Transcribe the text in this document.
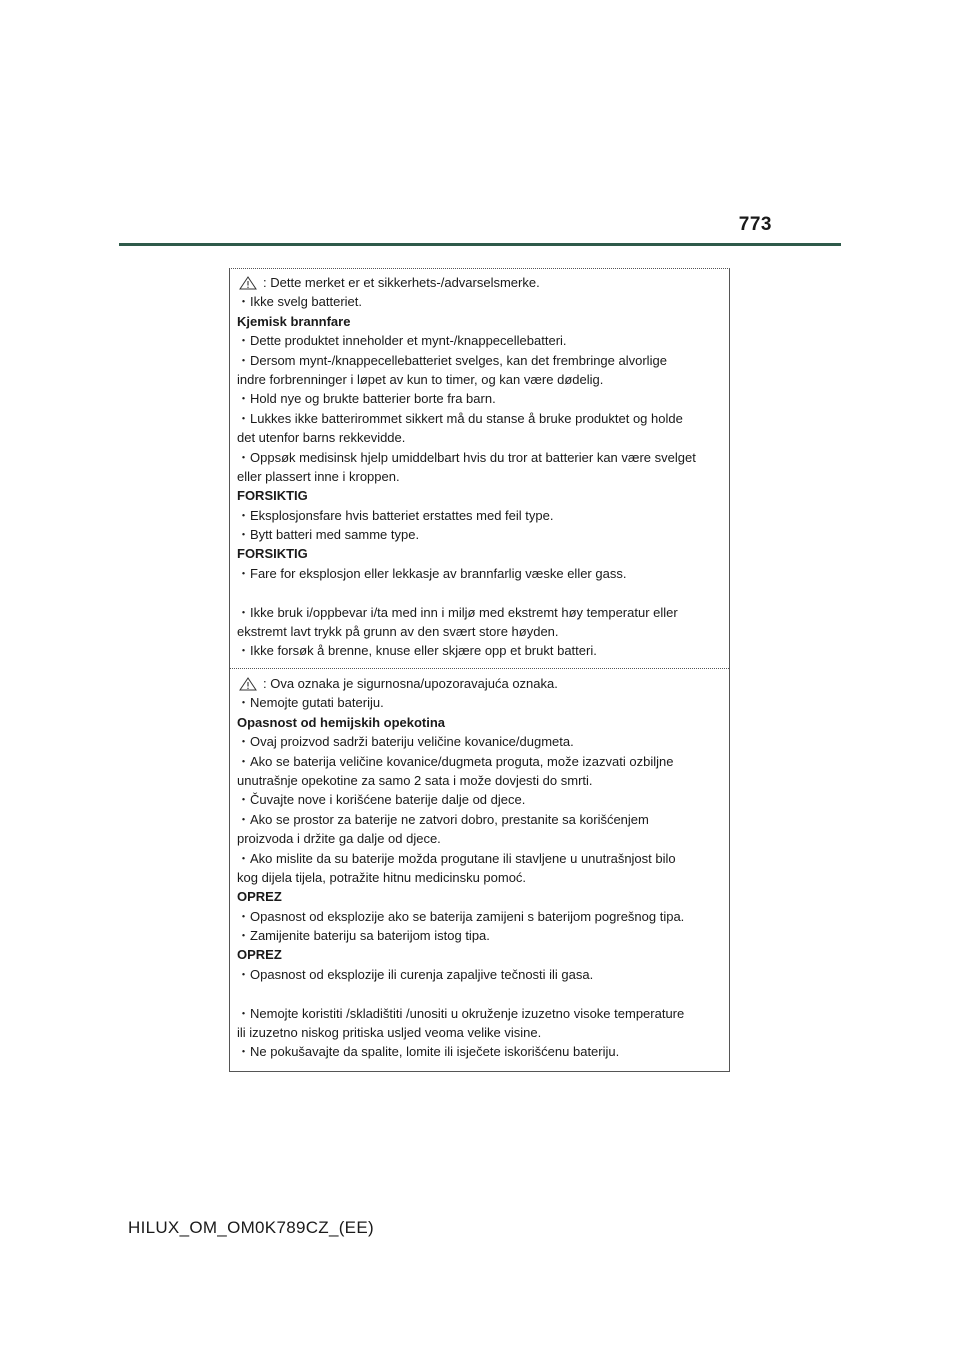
773
: Dette merket er et sikkerhets-/advarselsmerke.
・Ikke svelg batteriet.
Kjemisk brannfare
・Dette produktet inneholder et mynt-/knappecellebatteri.
・Dersom mynt-/knappecellebatteriet svelges, kan det frembringe alvorlige
indre forbrenninger i løpet av kun to timer, og kan være dødelig.
・Hold nye og brukte batterier borte fra barn.
・Lukkes ikke batterirommet sikkert må du stanse å bruke produktet og holde
det utenfor barns rekkevidde.
・Oppsøk medisinsk hjelp umiddelbart hvis du tror at batterier kan være svelget
eller plassert inne i kroppen.
FORSIKTIG
・Eksplosjonsfare hvis batteriet erstattes med feil type.
・Bytt batteri med samme type.
FORSIKTIG
・Fare for eksplosjon eller lekkasje av brannfarlig væske eller gass.
・Ikke bruk i/oppbevar i/ta med inn i miljø med ekstremt høy temperatur eller
ekstremt lavt trykk på grunn av den svært store høyden.
・Ikke forsøk å brenne, knuse eller skjære opp et brukt batteri.
: Ova oznaka je sigurnosna/upozoravajuća oznaka.
・Nemojte gutati bateriju.
Opasnost od hemijskih opekotina
・Ovaj proizvod sadrži bateriju veličine kovanice/dugmeta.
・Ako se baterija veličine kovanice/dugmeta proguta, može izazvati ozbiljne
unutrašnje opekotine za samo 2 sata i može dovjesti do smrti.
・Čuvajte nove i korišćene baterije dalje od djece.
・Ako se prostor za baterije ne zatvori dobro, prestanite sa korišćenjem
proizvoda i držite ga dalje od djece.
・Ako mislite da su baterije možda progutane ili stavljene u unutrašnjost bilo
kog dijela tijela, potražite hitnu medicinsku pomoć.
OPREZ
・Opasnost od eksplozije ako se baterija zamijeni s baterijom pogrešnog tipa.
・Zamijenite bateriju sa baterijom istog tipa.
OPREZ
・Opasnost od eksplozije ili curenja zapaljive tečnosti ili gasa.
・Nemojte koristiti /skladištiti /unositi u okruženje izuzetno visoke temperature
ili izuzetno niskog pritiska usljed veoma velike visine.
・Ne pokušavajte da spalite, lomite ili isječete iskorišćenu bateriju.
HILUX_OM_OM0K789CZ_(EE)
